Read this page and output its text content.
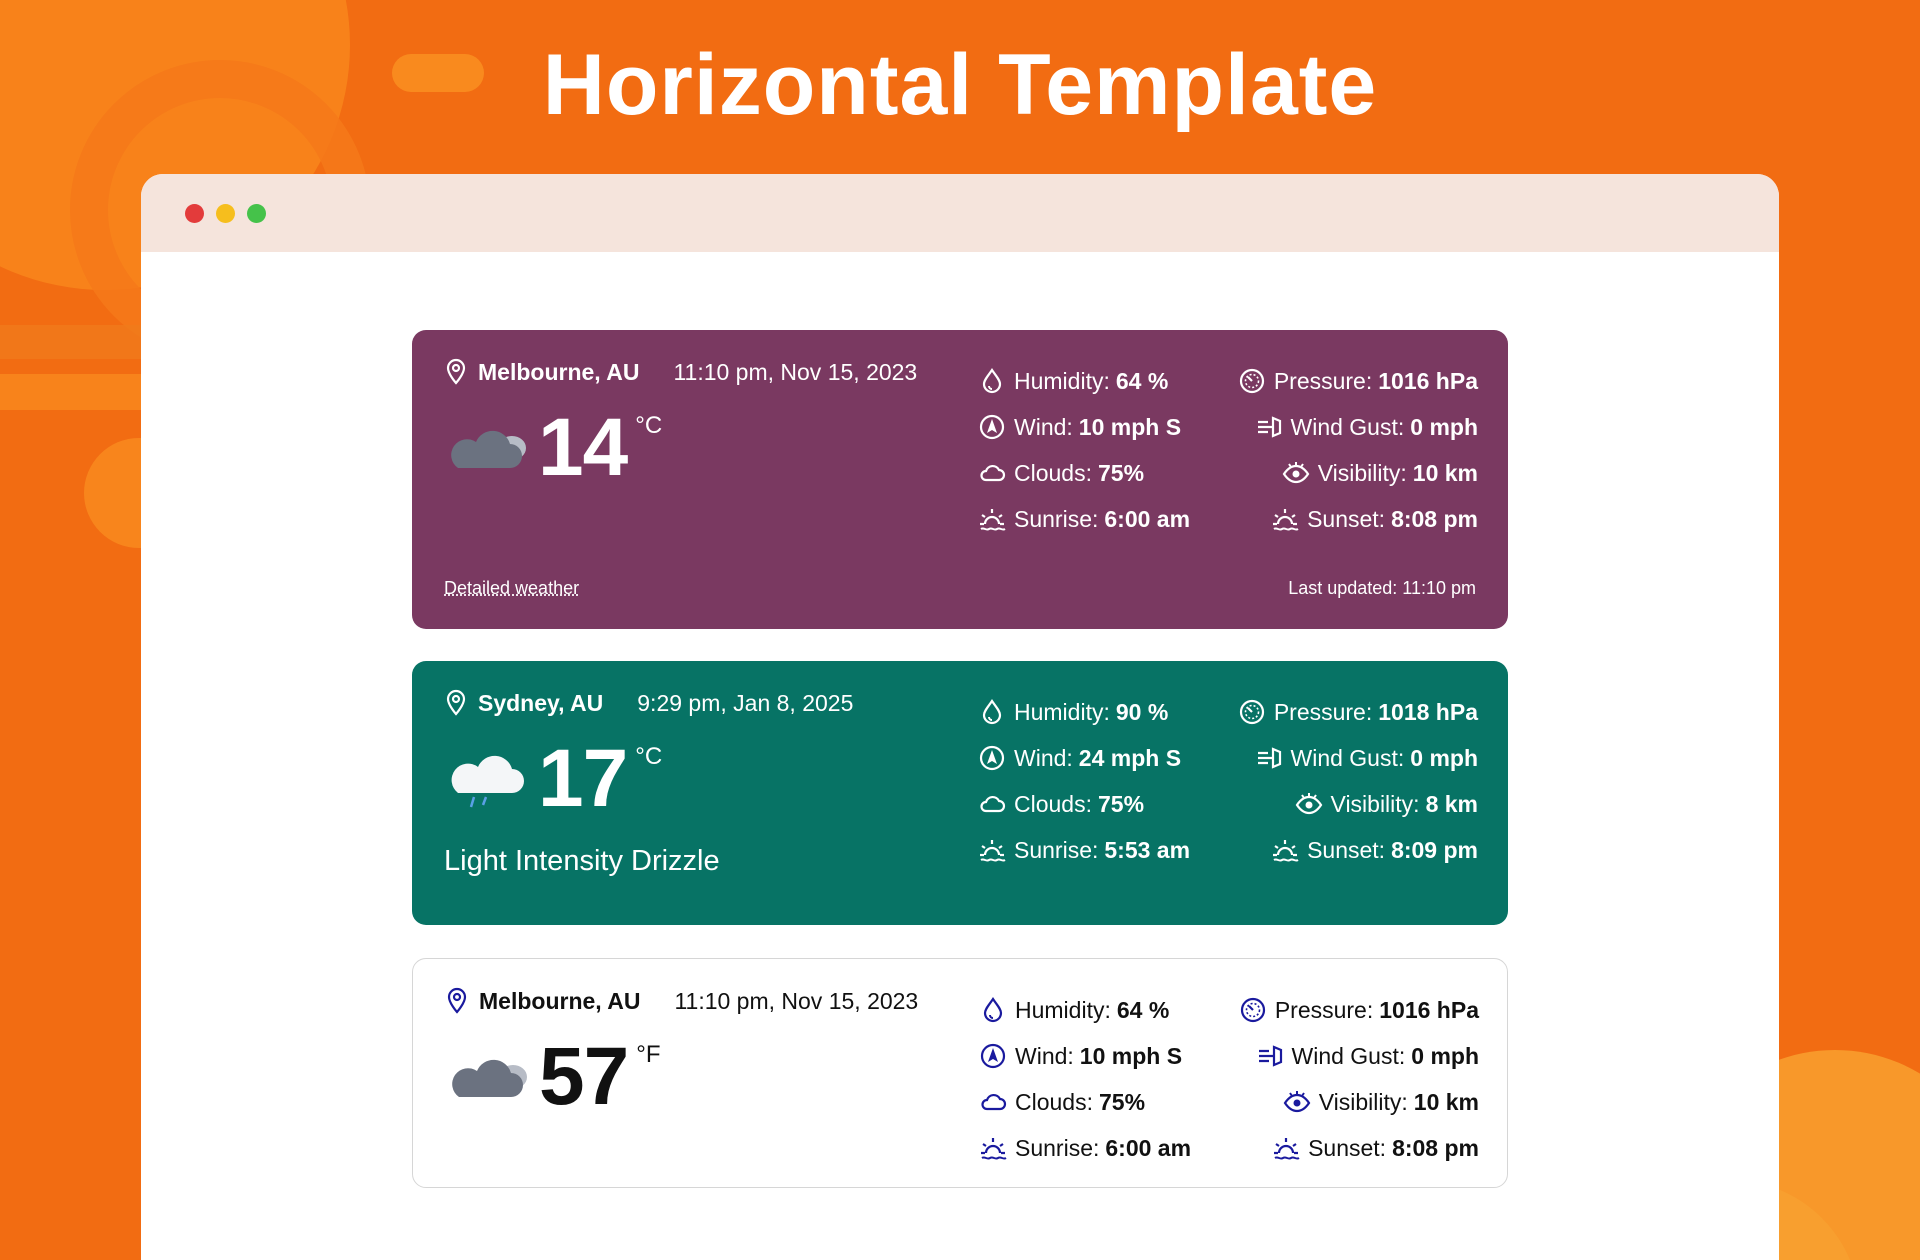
Horizontal Template
Melbourne, AU 11:10 pm, Nov 15, 2023
14 °C
Humidity: 64 %
Wind: 10 mph S
Clouds: 75%
Sunrise: 6:00 am
Pressure: 1016 hPa
Wind Gust: 0 mph
Visibility: 10 km
Sunset: 8:08 pm
Detailed weather	Last updated: 11:10 pm
Sydney, AU 9:29 pm, Jan 8, 2025
17 °C
Light Intensity Drizzle
Humidity: 90 %
Wind: 24 mph S
Clouds: 75%
Sunrise: 5:53 am
Pressure: 1018 hPa
Wind Gust: 0 mph
Visibility: 8 km
Sunset: 8:09 pm
Melbourne, AU 11:10 pm, Nov 15, 2023
57 °F
Humidity: 64 %
Wind: 10 mph S
Clouds: 75%
Sunrise: 6:00 am
Pressure: 1016 hPa
Wind Gust: 0 mph
Visibility: 10 km
Sunset: 8:08 pm
